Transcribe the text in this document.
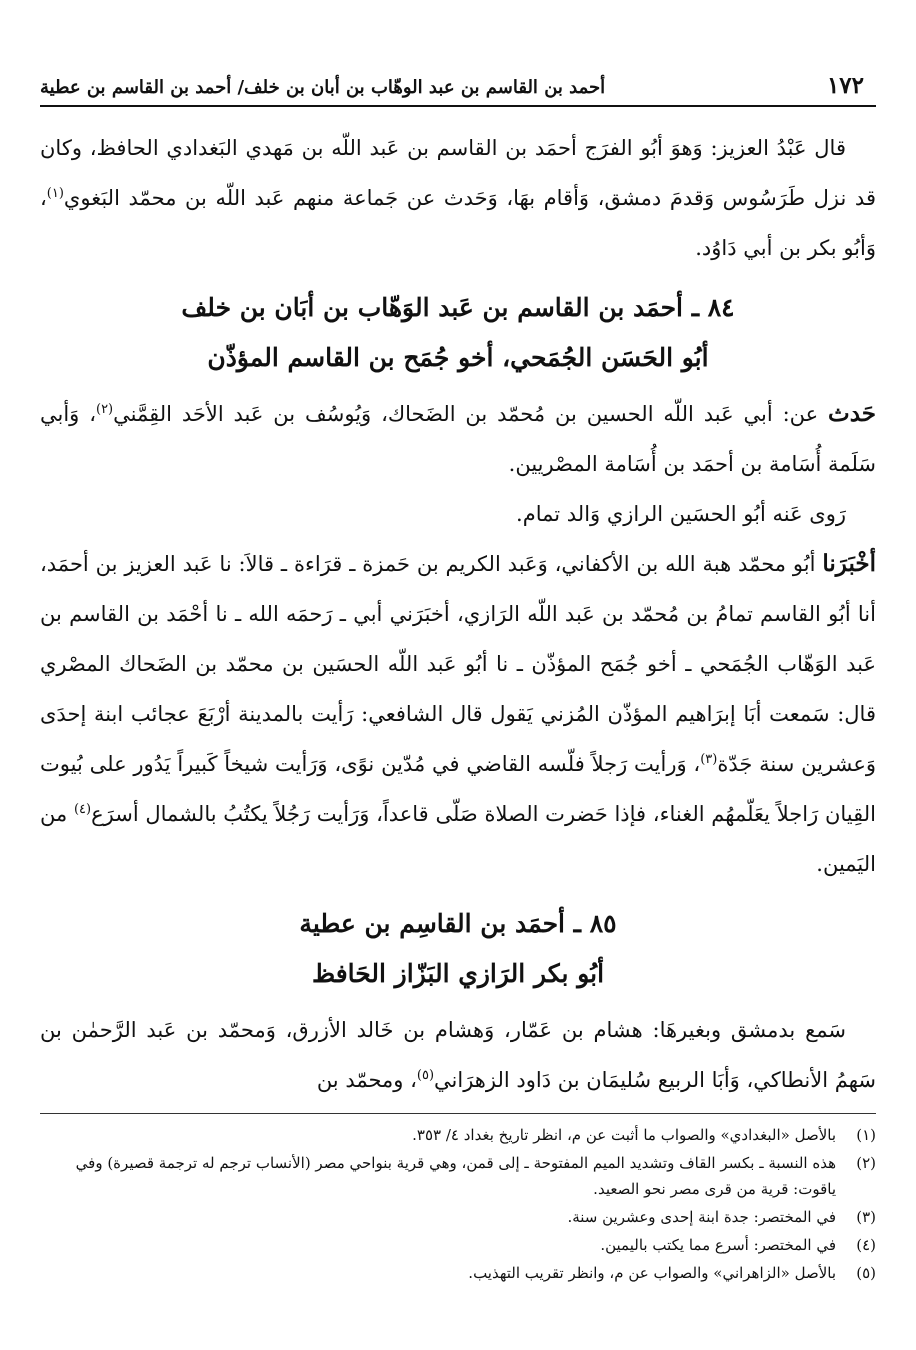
١٧٢
أحمد بن القاسم بن عبد الوهّاب بن أبان بن خلف/ أحمد بن القاسم بن عطية

قال عَبْدُ العزيز: وَهوَ أبُو الفرَج أحمَد بن القاسم بن عَبد اللّه بن مَهدي البَغدادي الحافظ، وكان قد نزل طَرَسُوس وَقدمَ دمشق، وَأقام بهَا، وَحَدث عن جَماعة منهم عَبد اللّه بن محمّد البَغوي$^{(١)}$، وَأبُو بكر بن أبي دَاوُد.

٨٤ ـ أحمَد بن القاسم بن عَبد الوَهّاب بن أبَان بن خلف
أبُو الحَسَن الجُمَحي، أخو جُمَح بن القاسم المؤذّن

حَدث عن: أبي عَبد اللّه الحسين بن مُحمّد بن الضَحاك، وَيُوسُف بن عَبد الأحَد القِمَّني$^{(٢)}$، وَأبي سَلَمة أُسَامة بن أحمَد بن أُسَامة المصْريين.

رَوى عَنه أبُو الحسَين الرازي وَالد تمام.

أخْبَرَنا أبُو محمّد هبة الله بن الأكفاني، وَعَبد الكريم بن حَمزة ـ قرَاءة ـ قالاَ: نا عَبد العزيز بن أحمَد، أنا أبُو القاسم تمامُ بن مُحمّد بن عَبد اللّه الرَازي، أخبَرَني أبي ـ رَحمَه الله ـ نا أحْمَد بن القاسم بن عَبد الوَهّاب الجُمَحي ـ أخو جُمَح المؤذّن ـ نا أبُو عَبد اللّه الحسَين بن محمّد بن الضَحاك المصْري قال: سَمعت أبَا إبرَاهيم المؤذّن المُزني يَقول قال الشافعي: رَأيت بالمدينة أرْبَعَ عجائب ابنة إحدَى وَعشرين سنة جَدّة$^{(٣)}$، وَرأيت رَجلاً فلّسه القاضي في مُدّين نوًى، وَرَأيت شيخاً كَبيراً يَدُور على بُيوت القِيان رَاجلاً يعَلّمهُم الغناء، فإذا حَضرت الصلاة صَلّى قاعداً، وَرَأيت رَجُلاً يكتُبُ بالشمال أسرَع$^{(٤)}$ من اليَمين.

٨٥ ـ أحمَد بن القاسِم بن عطية
أبُو بكر الرَازي البَزّاز الحَافظ

سَمع بدمشق وبغيرهَا: هشام بن عَمّار، وَهشام بن خَالد الأزرق، وَمحمّد بن عَبد الرَّحمٰن بن سَهمُ الأنطاكي، وَأبَا الربيع سُليمَان بن دَاود الزهرَاني$^{(٥)}$، ومحمّد بن

(١)
بالأصل «البغدادي» والصواب ما أثبت عن م، انظر تاريخ بغداد ٤/ ٣٥٣.
(٢)
هذه النسبة ـ بكسر القاف وتشديد الميم المفتوحة ـ إلى قمن، وهي قرية بنواحي مصر (الأنساب ترجم له ترجمة قصيرة) وفي ياقوت: قرية من قرى مصر نحو الصعيد.
(٣)
في المختصر: جدة ابنة إحدى وعشرين سنة.
(٤)
في المختصر: أسرع مما يكتب باليمين.
(٥)
بالأصل «الزاهراني» والصواب عن م، وانظر تقريب التهذيب.
